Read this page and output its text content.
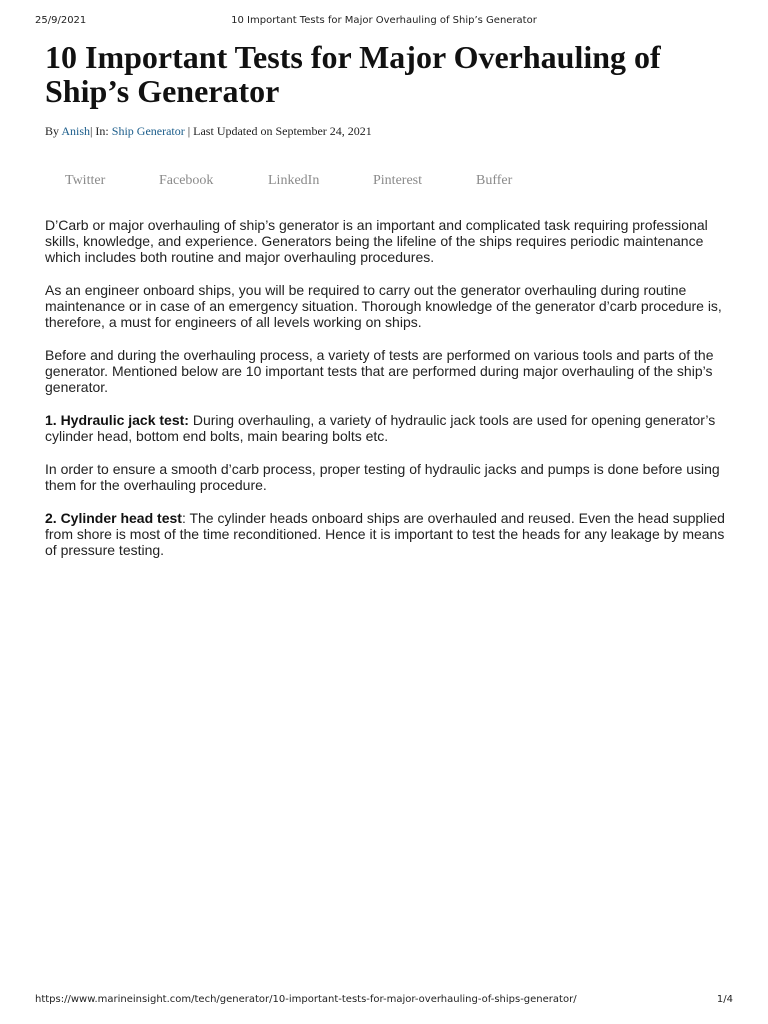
25/9/2021	10 Important Tests for Major Overhauling of Ship’s Generator
10 Important Tests for Major Overhauling of Ship’s Generator
By Anish| In: Ship Generator | Last Updated on September 24, 2021
Twitter	Facebook	LinkedIn	Pinterest	Buffer

D’Carb or major overhauling of ship’s generator is an important and complicated task requiring professional skills, knowledge, and experience. Generators being the lifeline of the ships requires periodic maintenance which includes both routine and major overhauling procedures.

As an engineer onboard ships, you will be required to carry out the generator overhauling during routine maintenance or in case of an emergency situation. Thorough knowledge of the generator d’carb procedure is, therefore, a must for engineers of all levels working on ships.

Before and during the overhauling process, a variety of tests are performed on various tools and parts of the generator. Mentioned below are 10 important tests that are performed during major overhauling of the ship’s generator.

1. Hydraulic jack test: During overhauling, a variety of hydraulic jack tools are used for opening generator’s cylinder head, bottom end bolts, main bearing bolts etc.

In order to ensure a smooth d’carb process, proper testing of hydraulic jacks and pumps is done before using them for the overhauling procedure.

2. Cylinder head test: The cylinder heads onboard ships are overhauled and reused. Even the head supplied from shore is most of the time reconditioned. Hence it is important to test the heads for any leakage by means of pressure testing.

https://www.marineinsight.com/tech/generator/10-important-tests-for-major-overhauling-of-ships-generator/	1/4
